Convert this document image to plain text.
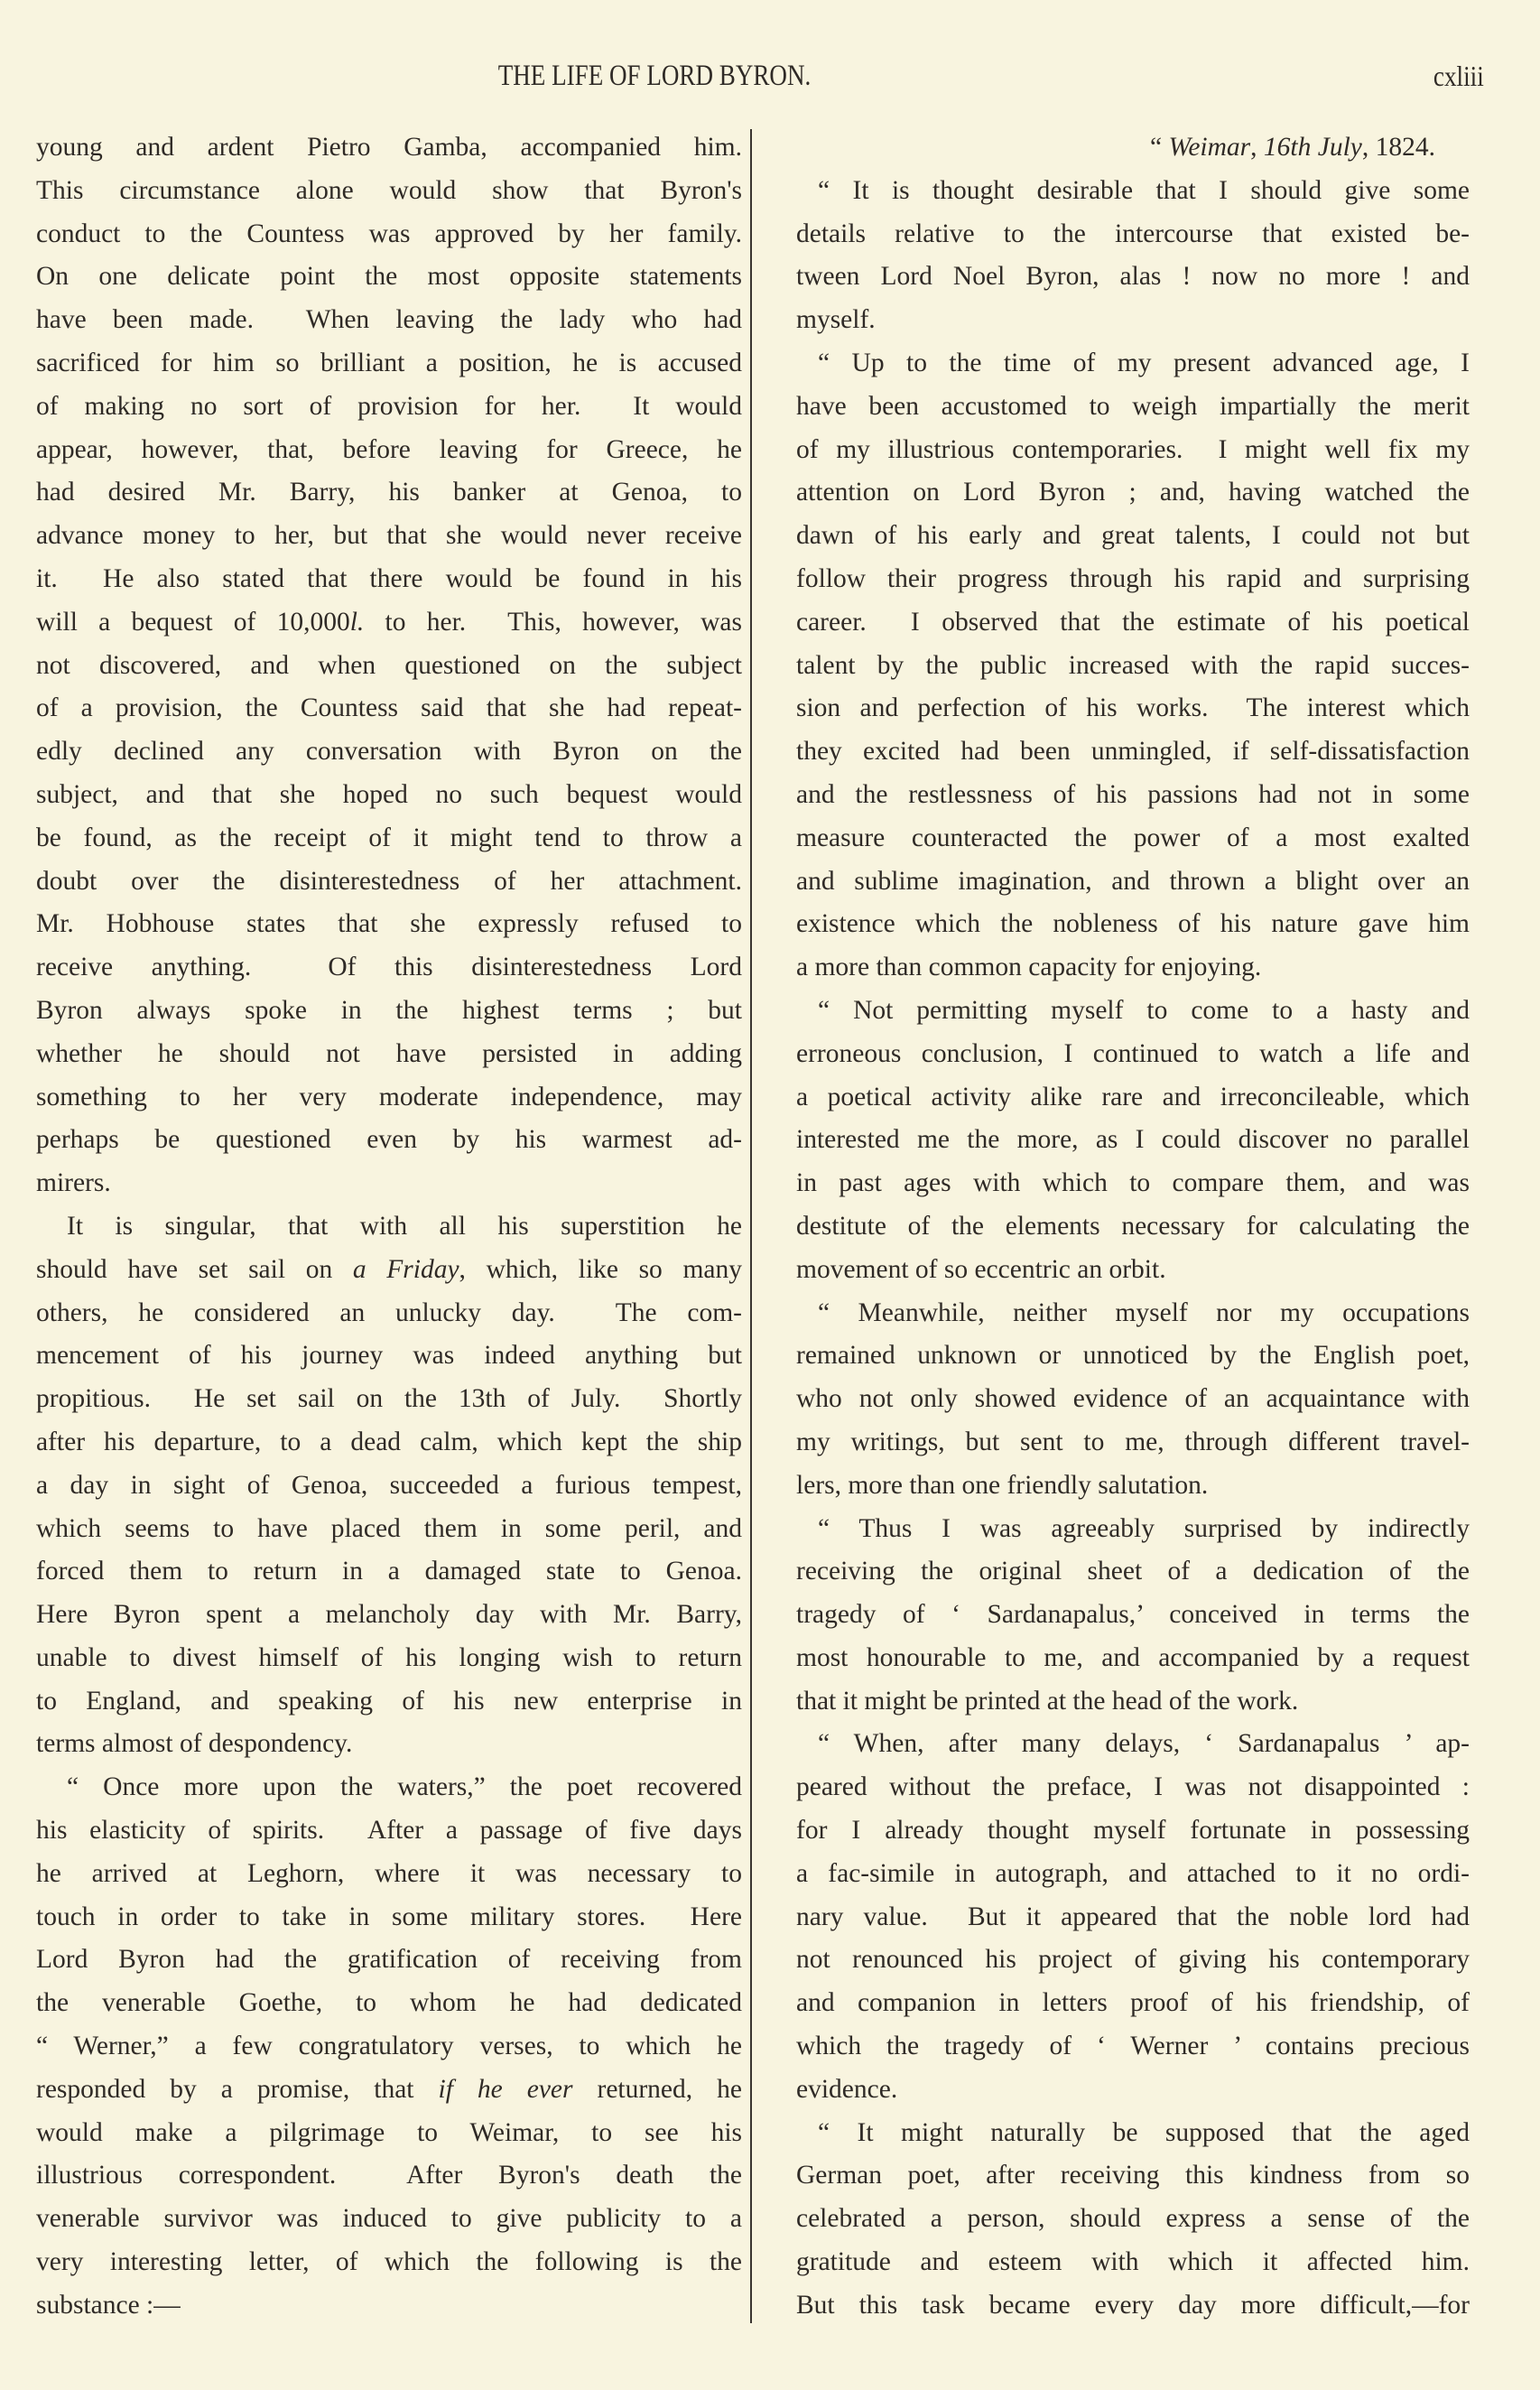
THE LIFE OF LORD BYRON.	cxliii
young and ardent Pietro Gamba, accompanied him.
This circumstance alone would show that Byron's
conduct to the Countess was approved by her family.
On one delicate point the most opposite statements
have been made.  When leaving the lady who had
sacrificed for him so brilliant a position, he is accused
of making no sort of provision for her.  It would
appear, however, that, before leaving for Greece, he
had desired Mr. Barry, his banker at Genoa, to
advance money to her, but that she would never receive
it.  He also stated that there would be found in his
will a bequest of 10,000l. to her.  This, however, was
not discovered, and when questioned on the subject
of a provision, the Countess said that she had repeat-
edly declined any conversation with Byron on the
subject, and that she hoped no such bequest would
be found, as the receipt of it might tend to throw a
doubt over the disinterestedness of her attachment.
Mr. Hobhouse states that she expressly refused to
receive anything.  Of this disinterestedness Lord
Byron always spoke in the highest terms ; but
whether he should not have persisted in adding
something to her very moderate independence, may
perhaps be questioned even by his warmest ad-
mirers.
It is singular, that with all his superstition he
should have set sail on a Friday, which, like so many
others, he considered an unlucky day.  The com-
mencement of his journey was indeed anything but
propitious.  He set sail on the 13th of July.  Shortly
after his departure, to a dead calm, which kept the ship
a day in sight of Genoa, succeeded a furious tempest,
which seems to have placed them in some peril, and
forced them to return in a damaged state to Genoa.
Here Byron spent a melancholy day with Mr. Barry,
unable to divest himself of his longing wish to return
to England, and speaking of his new enterprise in
terms almost of despondency.
“ Once more upon the waters,” the poet recovered
his elasticity of spirits.  After a passage of five days
he arrived at Leghorn, where it was necessary to
touch in order to take in some military stores.  Here
Lord Byron had the gratification of receiving from
the venerable Goethe, to whom he had dedicated
“ Werner,” a few congratulatory verses, to which he
responded by a promise, that if he ever returned, he
would make a pilgrimage to Weimar, to see his
illustrious correspondent.  After Byron's death the
venerable survivor was induced to give publicity to a
very interesting letter, of which the following is the
substance :—
“ Weimar, 16th July, 1824.
“ It is thought desirable that I should give some
details relative to the intercourse that existed be-
tween Lord Noel Byron, alas ! now no more ! and
myself.
“ Up to the time of my present advanced age, I
have been accustomed to weigh impartially the merit
of my illustrious contemporaries.  I might well fix my
attention on Lord Byron ; and, having watched the
dawn of his early and great talents, I could not but
follow their progress through his rapid and surprising
career.  I observed that the estimate of his poetical
talent by the public increased with the rapid succes-
sion and perfection of his works.  The interest which
they excited had been unmingled, if self-dissatisfaction
and the restlessness of his passions had not in some
measure counteracted the power of a most exalted
and sublime imagination, and thrown a blight over an
existence which the nobleness of his nature gave him
a more than common capacity for enjoying.
“ Not permitting myself to come to a hasty and
erroneous conclusion, I continued to watch a life and
a poetical activity alike rare and irreconcileable, which
interested me the more, as I could discover no parallel
in past ages with which to compare them, and was
destitute of the elements necessary for calculating the
movement of so eccentric an orbit.
“ Meanwhile, neither myself nor my occupations
remained unknown or unnoticed by the English poet,
who not only showed evidence of an acquaintance with
my writings, but sent to me, through different travel-
lers, more than one friendly salutation.
“ Thus I was agreeably surprised by indirectly
receiving the original sheet of a dedication of the
tragedy of ‘ Sardanapalus,’ conceived in terms the
most honourable to me, and accompanied by a request
that it might be printed at the head of the work.
“ When, after many delays, ‘ Sardanapalus ’ ap-
peared without the preface, I was not disappointed :
for I already thought myself fortunate in possessing
a fac-simile in autograph, and attached to it no ordi-
nary value.  But it appeared that the noble lord had
not renounced his project of giving his contemporary
and companion in letters proof of his friendship, of
which the tragedy of ‘ Werner ’ contains precious
evidence.
“ It might naturally be supposed that the aged
German poet, after receiving this kindness from so
celebrated a person, should express a sense of the
gratitude and esteem with which it affected him.
But this task became every day more difficult,—for
